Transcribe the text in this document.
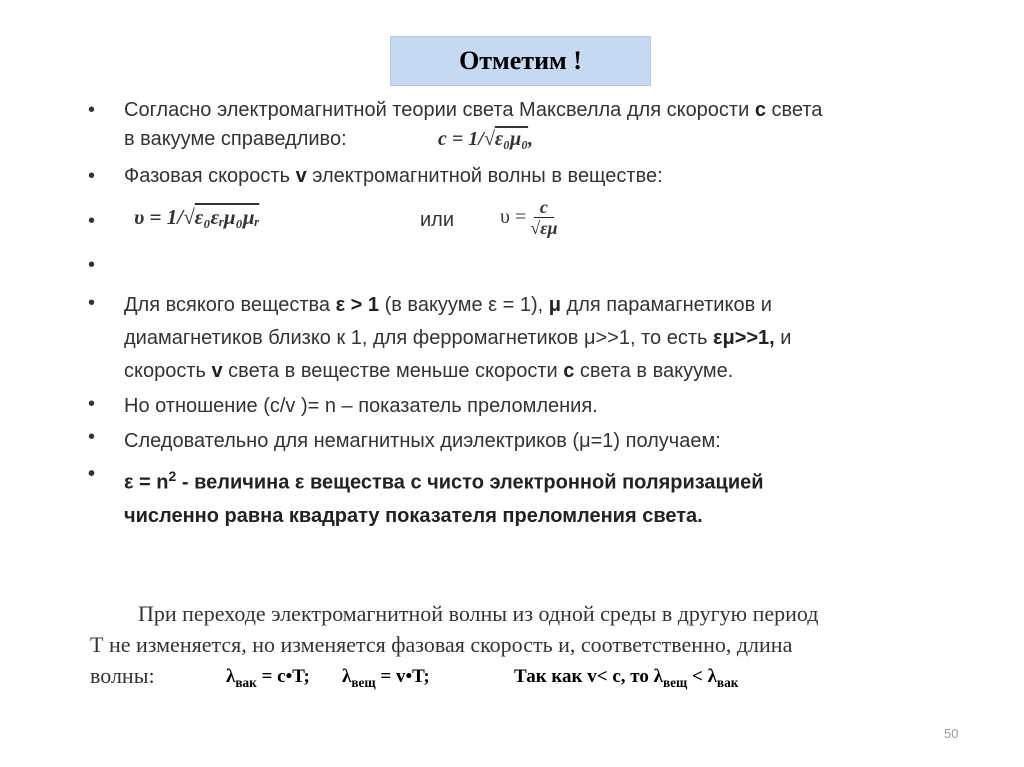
Отметим !
• Согласно электромагнитной теории света Максвелла для скорости с света
в вакууме справедливо:	c = 1/√ε₀μ₀,
• Фазовая скорость v электромагнитной волны в веществе:
• υ = 1/√ε₀εᵣμ₀μᵣ	или $\upsilon = \frac{c}{√\varepsilon\mu}$
•
• Для всякого вещества ε > 1 (в вакууме ε = 1), μ для парамагнетиков и
диамагнетиков близко к 1, для ферромагнетиков μ>>1, то есть εμ>>1, и
скорость v света в веществе меньше скорости с света в вакууме.
• Но отношение (c/v )= n – показатель преломления.
• Следовательно для немагнитных диэлектриков (μ=1) получаем:
• $\varepsilon = n^2$ - величина ε вещества с чисто электронной поляризацией
численно равна квадрату показателя преломления света.
При переходе электромагнитной волны из одной среды в другую период
Т не изменяется, но изменяется фазовая скорость и, соответственно, длина
волны:	$\lambda_{вак}$ = c•T; $\lambda_{вещ}$ = v•T;	Так как v< c, то $\lambda_{вещ} < \lambda_{вак}$
50
